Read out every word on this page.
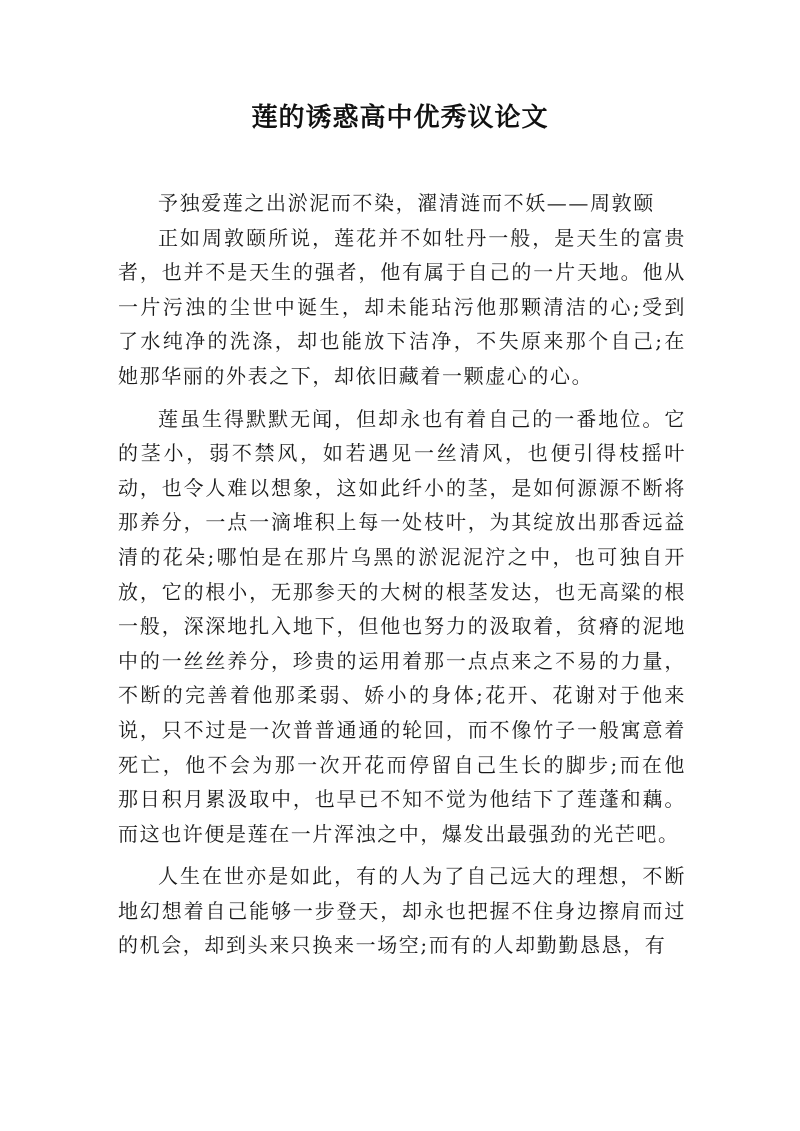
莲的诱惑高中优秀议论文

予独爱莲之出淤泥而不染，濯清涟而不妖——周敦颐

正如周敦颐所说，莲花并不如牡丹一般，是天生的富贵者，也并不是天生的强者，他有属于自己的一片天地。他从一片污浊的尘世中诞生，却未能玷污他那颗清洁的心;受到了水纯净的洗涤，却也能放下洁净，不失原来那个自己;在她那华丽的外表之下，却依旧藏着一颗虚心的心。

莲虽生得默默无闻，但却永也有着自己的一番地位。它的茎小，弱不禁风，如若遇见一丝清风，也便引得枝摇叶动，也令人难以想象，这如此纤小的茎，是如何源源不断将那养分，一点一滴堆积上每一处枝叶，为其绽放出那香远益清的花朵;哪怕是在那片乌黑的淤泥泥泞之中，也可独自开放，它的根小，无那参天的大树的根茎发达，也无高粱的根一般，深深地扎入地下，但他也努力的汲取着，贫瘠的泥地中的一丝丝养分，珍贵的运用着那一点点来之不易的力量，不断的完善着他那柔弱、娇小的身体;花开、花谢对于他来说，只不过是一次普普通通的轮回，而不像竹子一般寓意着死亡，他不会为那一次开花而停留自己生长的脚步;而在他那日积月累汲取中，也早已不知不觉为他结下了莲蓬和藕。而这也许便是莲在一片浑浊之中，爆发出最强劲的光芒吧。

人生在世亦是如此，有的人为了自己远大的理想，不断地幻想着自己能够一步登天，却永也把握不住身边擦肩而过的机会，却到头来只换来一场空;而有的人却勤勤恳恳，有
